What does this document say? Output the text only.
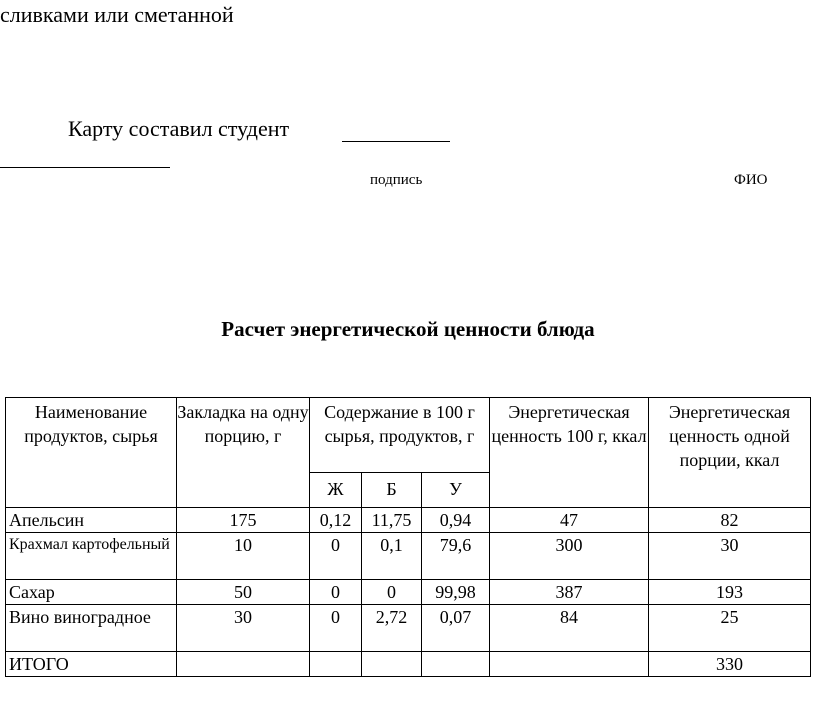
сливками или сметанной
Карту составил студент
подпись	ФИО
Расчет энергетической ценности блюда
Наименование продуктов, сырья	Закладка на одну порцию, г	Содержание в 100 г сырья, продуктов, г			Энергетическая ценность 100 г, ккал	Энергетическая ценность одной порции, ккал
		Ж	Б	У		
Апельсин	175	0,12	11,75	0,94	47	82
Крахмал картофельный	10	0	0,1	79,6	300	30
Сахар	50	0	0	99,98	387	193
Вино виноградное	30	0	2,72	0,07	84	25
ИТОГО						330
